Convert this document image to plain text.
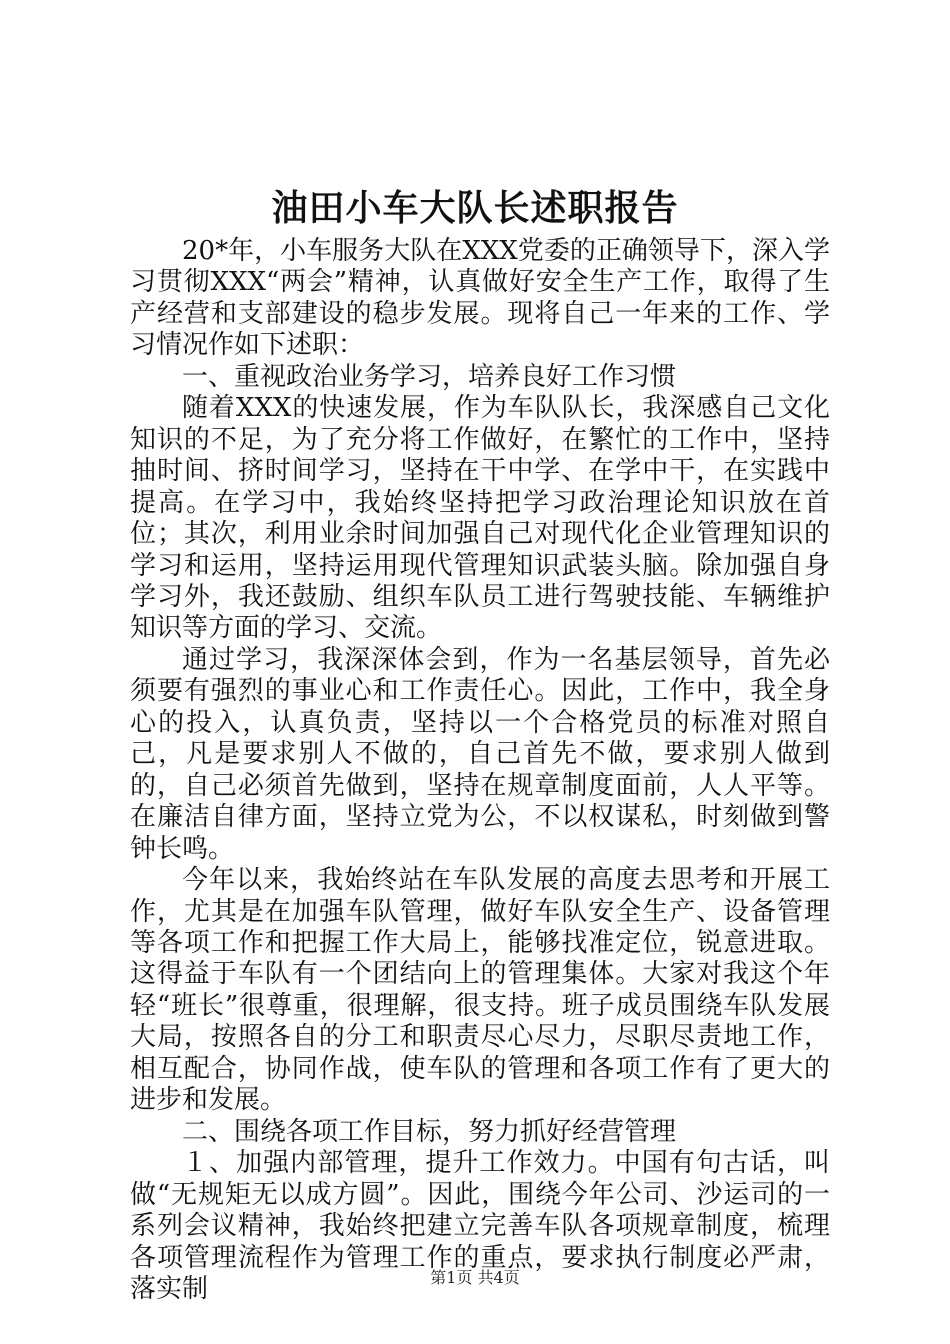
油田小车大队长述职报告

20*年，小车服务大队在XXX党委的正确领导下，深入学习贯彻XXX“两会”精神，认真做好安全生产工作，取得了生产经营和支部建设的稳步发展。现将自己一年来的工作、学习情况作如下述职：

一、重视政治业务学习，培养良好工作习惯

随着XXX的快速发展，作为车队队长，我深感自己文化知识的不足，为了充分将工作做好，在繁忙的工作中，坚持抽时间、挤时间学习，坚持在干中学、在学中干，在实践中提高。在学习中，我始终坚持把学习政治理论知识放在首位；其次，利用业余时间加强自己对现代化企业管理知识的学习和运用，坚持运用现代管理知识武装头脑。除加强自身学习外，我还鼓励、组织车队员工进行驾驶技能、车辆维护知识等方面的学习、交流。

通过学习，我深深体会到，作为一名基层领导，首先必须要有强烈的事业心和工作责任心。因此，工作中，我全身心的投入，认真负责，坚持以一个合格党员的标准对照自己，凡是要求别人不做的，自己首先不做，要求别人做到的，自己必须首先做到，坚持在规章制度面前，人人平等。在廉洁自律方面，坚持立党为公，不以权谋私，时刻做到警钟长鸣。

今年以来，我始终站在车队发展的高度去思考和开展工作，尤其是在加强车队管理，做好车队安全生产、设备管理等各项工作和把握工作大局上，能够找准定位，锐意进取。这得益于车队有一个团结向上的管理集体。大家对我这个年轻“班长”很尊重，很理解，很支持。班子成员围绕车队发展大局，按照各自的分工和职责尽心尽力，尽职尽责地工作，相互配合，协同作战，使车队的管理和各项工作有了更大的进步和发展。

二、围绕各项工作目标，努力抓好经营管理

１、加强内部管理，提升工作效力。中国有句古话，叫做“无规矩无以成方圆”。因此，围绕今年公司、沙运司的一系列会议精神，我始终把建立完善车队各项规章制度，梳理各项管理流程作为管理工作的重点，要求执行制度必严肃，落实制	第1页 共4页
